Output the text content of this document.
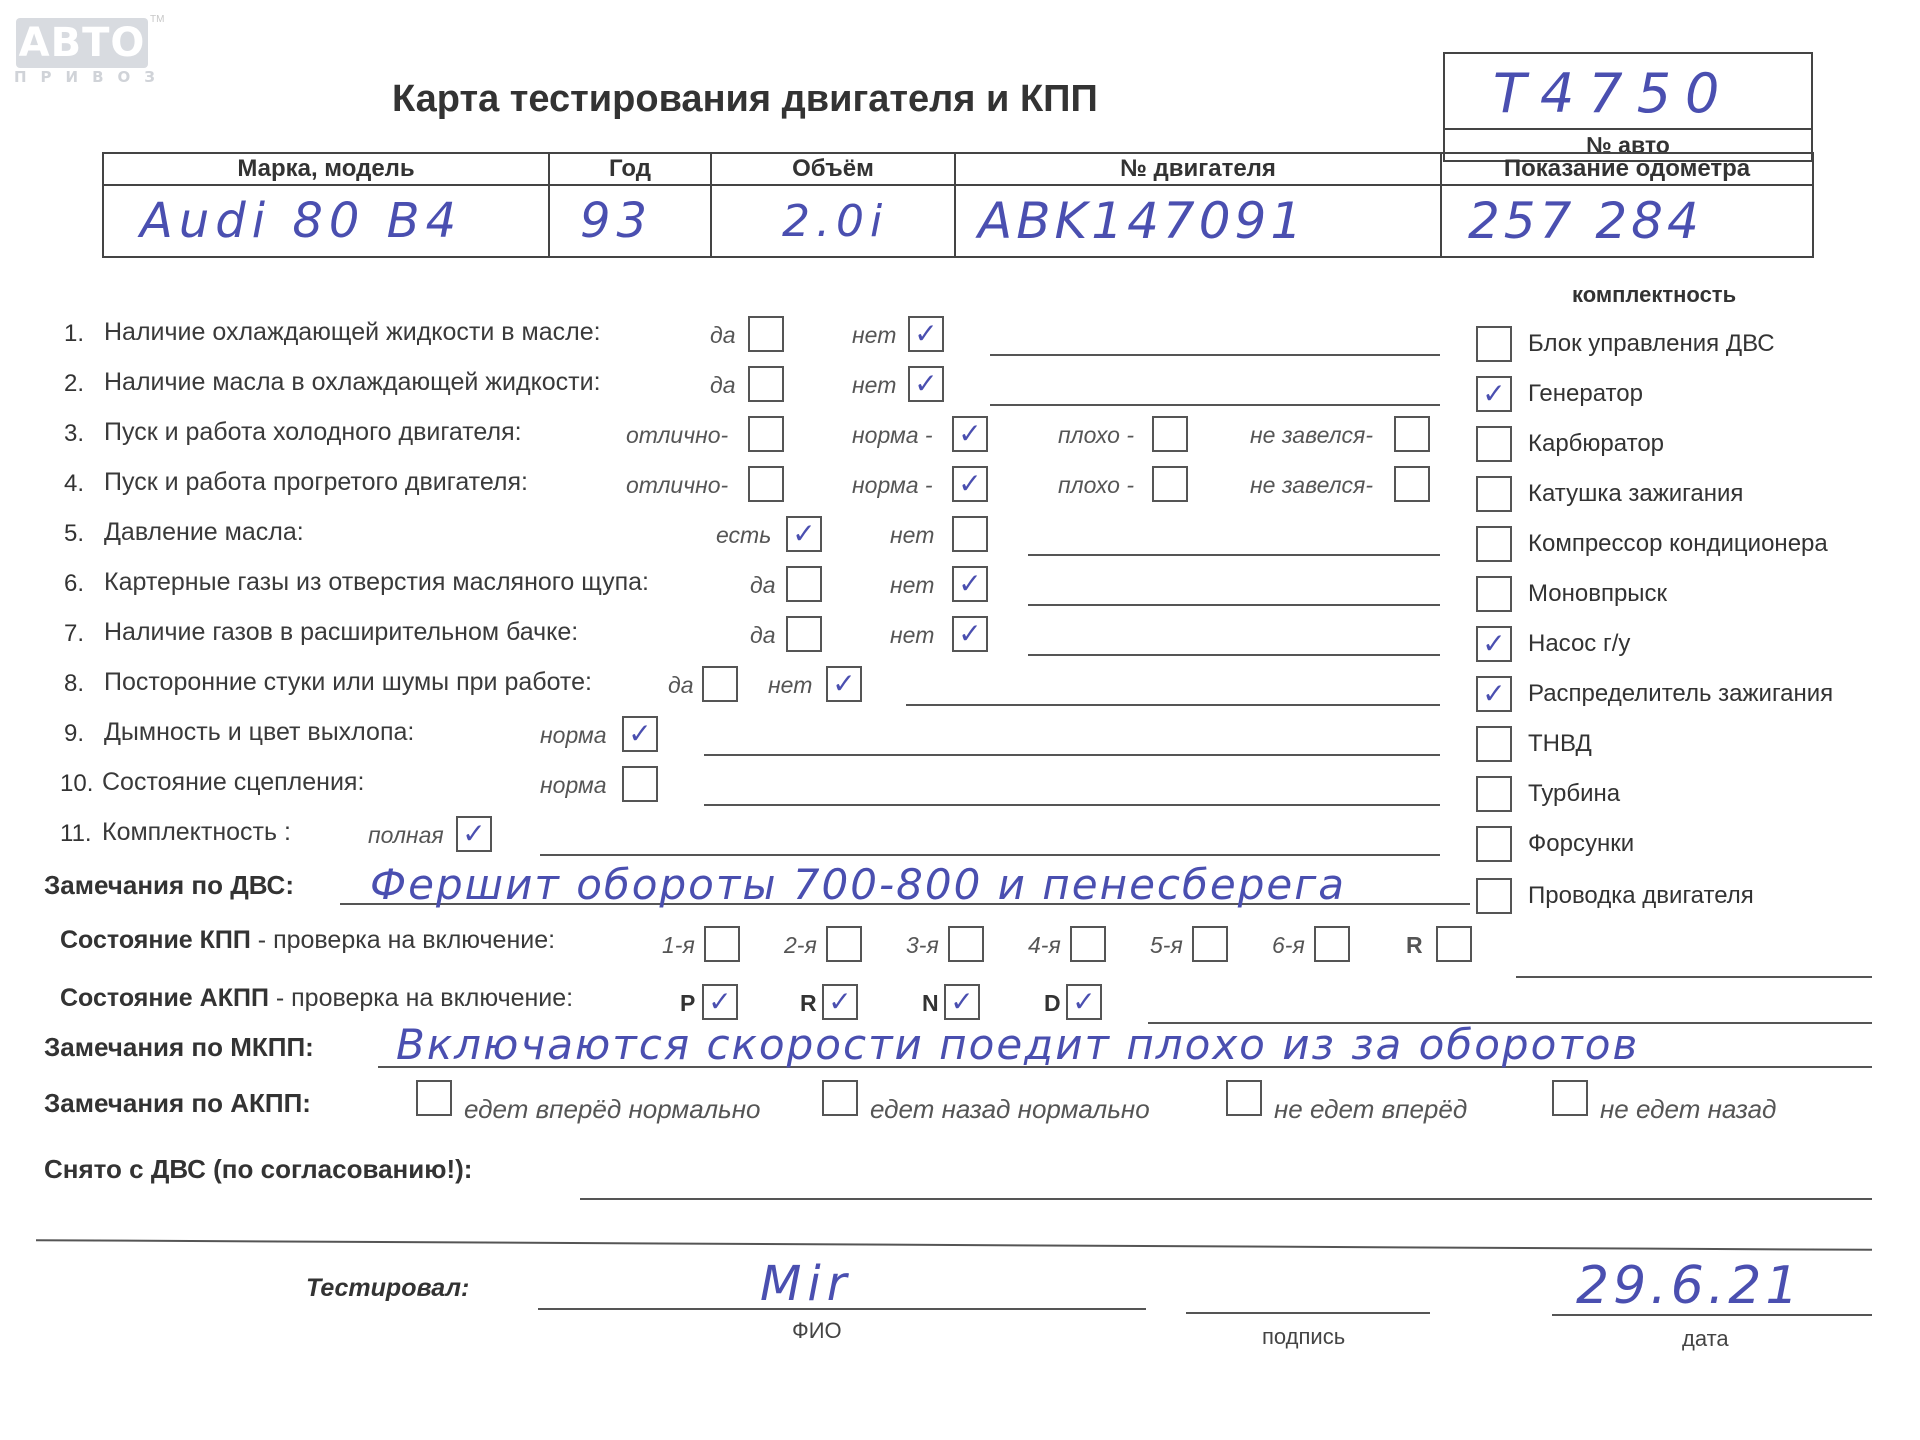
АВТО
ПРИВОЗ
TM
Карта тестирования двигателя и КПП	Т4750
№ авто
Марка, модель	Год	Объём	№ двигателя	Показание одометра
Audi 80 B4	93	2.0i	ABK147091	257 284
комплектность
Блок управления ДВС
✓ Генератор
Карбюратор
Катушка зажигания
Компрессор кондиционера
Моновпрыск
✓ Насос г/у
✓ Распределитель зажигания
ТНВД
Турбина
Форсунки
Проводка двигателя
1. Наличие охлаждающей жидкости в масле:	да	нет ✓
2. Наличие масла в охлаждающей жидкости:	да	нет ✓
3. Пуск и работа холодного двигателя:	отлично-	норма - ✓	плохо -	не завелся-
4. Пуск и работа прогретого двигателя:	отлично-	норма - ✓	плохо -	не завелся-
5. Давление масла:	есть ✓	нет
6. Картерные газы из отверстия масляного щупа:	да	нет ✓
7. Наличие газов в расширительном бачке:	да	нет ✓
8. Посторонние стуки или шумы при работе:	да	нет ✓
9. Дымность и цвет выхлопа:	норма ✓
10. Состояние сцепления:	норма
11. Комплектность :	полная ✓
Замечания по ДВС: Фершит обороты 700-800 и пенесберега
Состояние КПП - проверка на включение:	1-я	2-я	3-я	4-я	5-я	6-я	R
Состояние АКПП - проверка на включение:	P ✓	R ✓	N ✓	D ✓
Замечания по МКПП: Включаются скорости поедит плохо из за оборотов
Замечания по АКПП:	едет вперёд нормально	едет назад нормально	не едет вперёд	не едет назад
Снято с ДВС (по согласованию!):
Тестировал:	Mir
ФИО	подпись
29.6.21
дата
